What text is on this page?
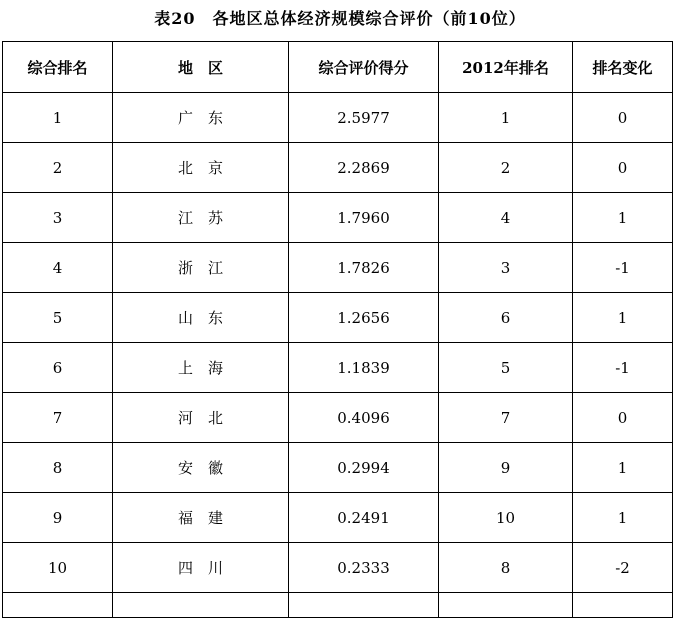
表20　各地区总体经济规模综合评价（前10位）
综合排名	地　区	综合评价得分	2012年排名	排名变化
1	广　东	2.5977	1	0
2	北　京	2.2869	2	0
3	江　苏	1.7960	4	1
4	浙　江	1.7826	3	-1
5	山　东	1.2656	6	1
6	上　海	1.1839	5	-1
7	河　北	0.4096	7	0
8	安　徽	0.2994	9	1
9	福　建	0.2491	10	1
10	四　川	0.2333	8	-2
